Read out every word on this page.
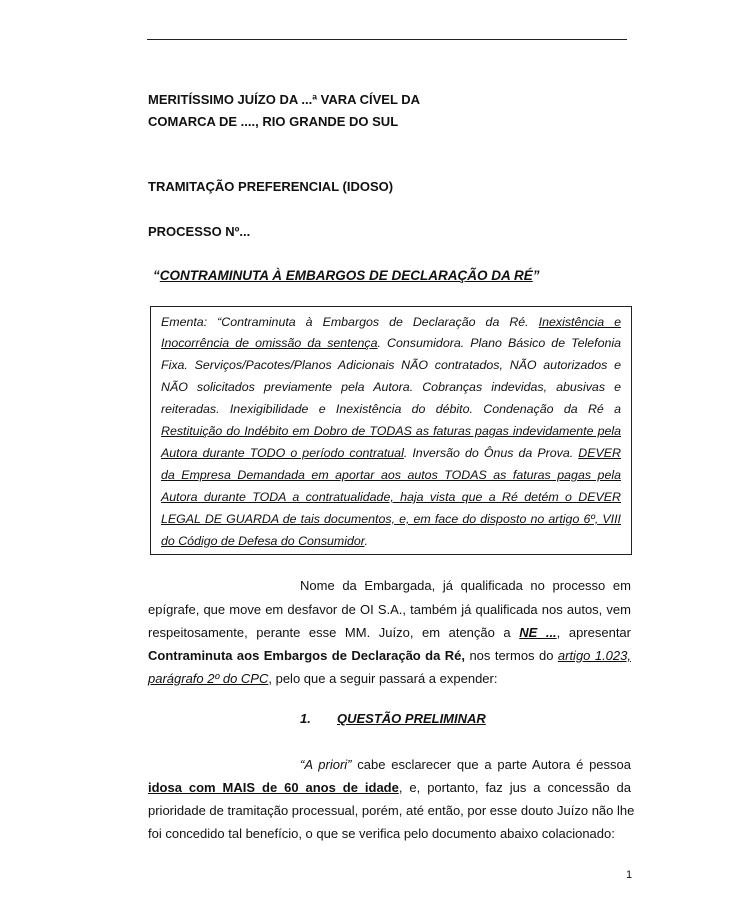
MERITÍSSIMO JUÍZO DA ...ª VARA CÍVEL DA
COMARCA DE ...., RIO GRANDE DO SUL
TRAMITAÇÃO PREFERENCIAL (IDOSO)
PROCESSO Nº...
“CONTRAMINUTA À EMBARGOS DE DECLARAÇÃO DA RÉ”
Ementa: “Contraminuta à Embargos de Declaração da Ré. Inexistência e
Inocorrência de omissão da sentença. Consumidora. Plano Básico de Telefonia
Fixa. Serviços/Pacotes/Planos Adicionais NÃO contratados, NÃO autorizados e
NÃO solicitados previamente pela Autora. Cobranças indevidas, abusivas e
reiteradas. Inexigibilidade e Inexistência do débito. Condenação da Ré a
Restituição do Indébito em Dobro de TODAS as faturas pagas indevidamente pela
Autora durante TODO o período contratual. Inversão do Ônus da Prova. DEVER
da Empresa Demandada em aportar aos autos TODAS as faturas pagas pela
Autora durante TODA a contratualidade, haja vista que a Ré detém o DEVER
LEGAL DE GUARDA de tais documentos, e, em face do disposto no artigo 6º, VIII
do Código de Defesa do Consumidor.
Nome da Embargada, já qualificada no processo em
epígrafe, que move em desfavor de OI S.A., também já qualificada nos autos, vem
respeitosamente, perante esse MM. Juízo, em atenção a NE ..., apresentar
Contraminuta aos Embargos de Declaração da Ré, nos termos do artigo 1.023,
parágrafo 2º do CPC, pelo que a seguir passará a expender:
1. QUESTÃO PRELIMINAR
“A priori” cabe esclarecer que a parte Autora é pessoa
idosa com MAIS de 60 anos de idade, e, portanto, faz jus a concessão da
prioridade de tramitação processual, porém, até então, por esse douto Juízo não lhe
foi concedido tal benefício, o que se verifica pelo documento abaixo colacionado:
1
